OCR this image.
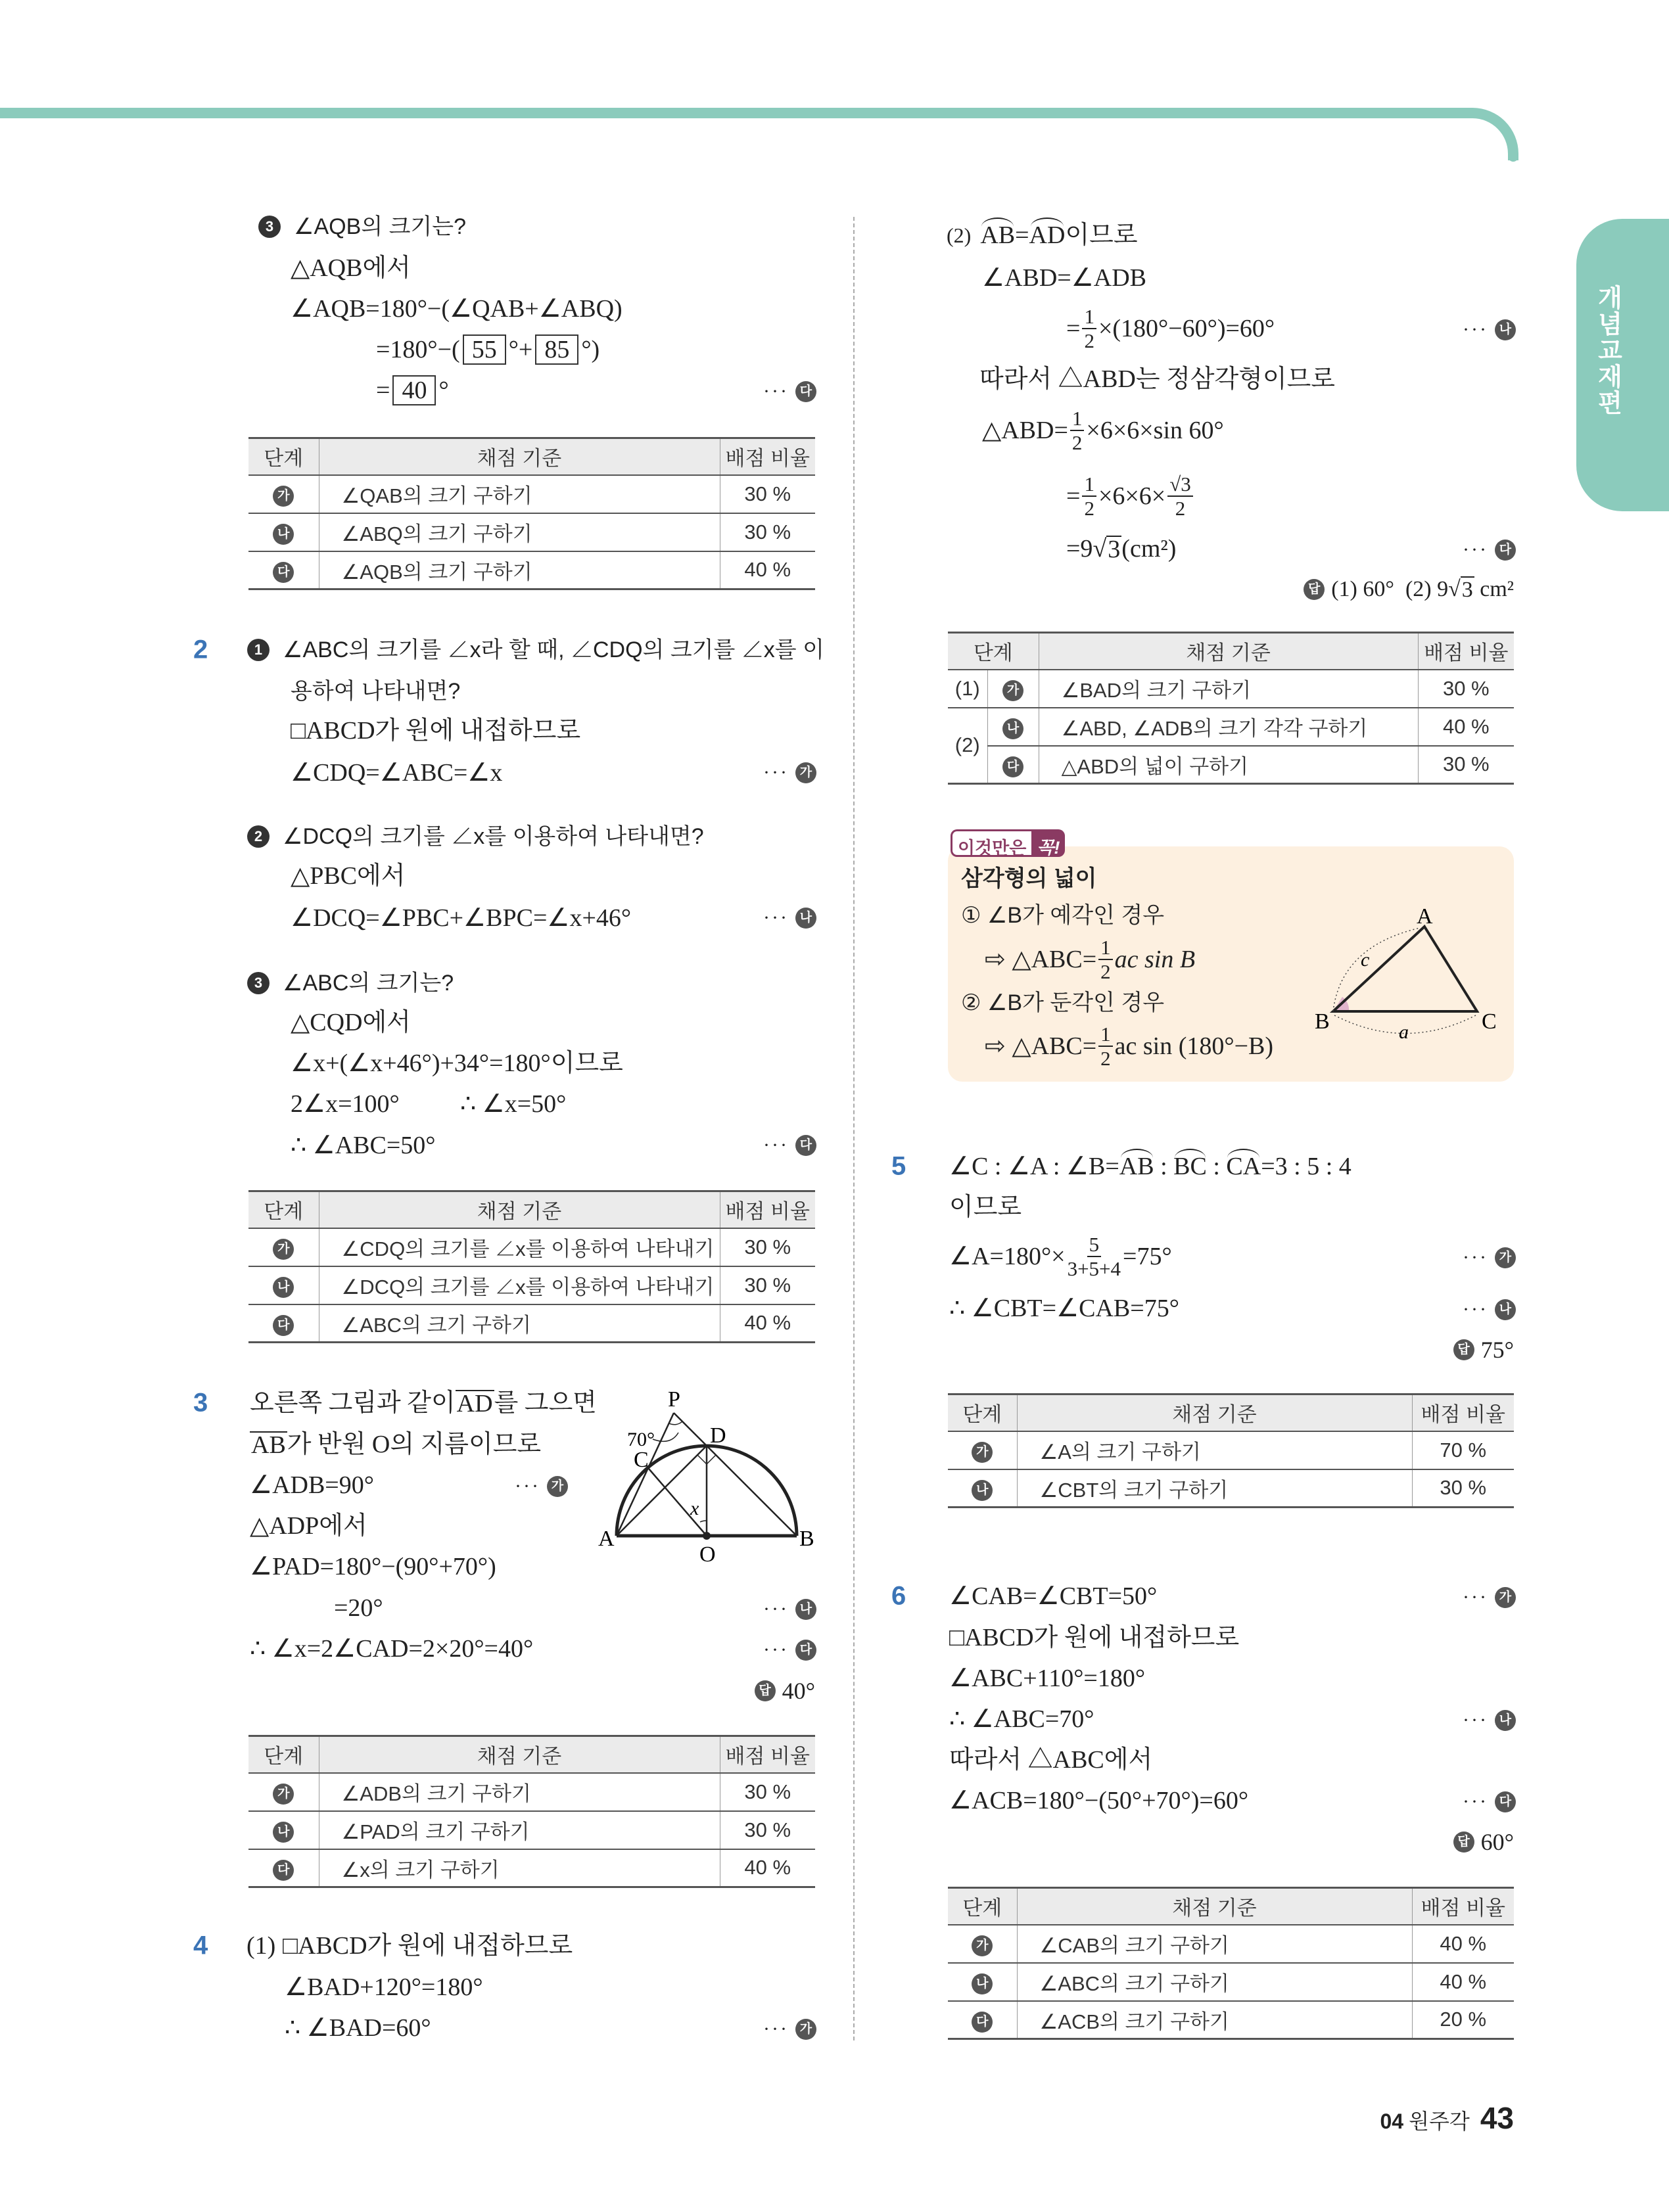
개념교재편
3 ∠AQB의 크기는?
△AQB에서
∠AQB=180°−(∠QAB+∠ABQ)
=180°−( 55 °+ 85 °)
= 40 °	··· 다
단계	채점 기준	배점 비율
가	∠QAB의 크기 구하기	30 %
나	∠ABQ의 크기 구하기	30 %
다	∠AQB의 크기 구하기	40 %
2	1 ∠ABC의 크기를 ∠x라 할 때, ∠CDQ의 크기를 ∠x를 이
용하여 나타내면?
□ABCD가 원에 내접하므로
∠CDQ=∠ABC=∠x	··· 가
2 ∠DCQ의 크기를 ∠x를 이용하여 나타내면?
△PBC에서
∠DCQ=∠PBC+∠BPC=∠x+46°	··· 나
3 ∠ABC의 크기는?
△CQD에서
∠x+(∠x+46°)+34°=180°이므로
2∠x=100° ∴ ∠x=50°
∴ ∠ABC=50°	··· 다
단계	채점 기준	배점 비율
가	∠CDQ의 크기를 ∠x를 이용하여 나타내기	30 %
나	∠DCQ의 크기를 ∠x를 이용하여 나타내기	30 %
다	∠ABC의 크기 구하기	40 %
3 오른쪽 그림과 같이 AD 를 그으면
AB 가 반원 O의 지름이므로
∠ADB=90°	··· 가
△ADP에서
∠PAD=180°−(90°+70°)
=20°	··· 나
∴ ∠x=2∠CAD=2×20°=40°	··· 다
답 40°
P
D
C
70°
A	B
O
x
단계	채점 기준	배점 비율
가	∠ADB의 크기 구하기	30 %
나	∠PAD의 크기 구하기	30 %
다	∠x의 크기 구하기	40 %
4 (1) □ABCD가 원에 내접하므로
∠BAD+120°=180°
∴ ∠BAD=60°	··· 가
(2) AB = AD 이므로
∠ABD=∠ADB
= $\frac{1}{2} \times(180^\circ-60^\circ)=60^\circ$	··· 나
따라서 △ABD는 정삼각형이므로
△ABD= $\frac{1}{2} \times 6\times 6\times\sin$ 60°
= $\frac{1}{2} \times 6\times 6\times \frac{√3}{2}$
=9 √ 3 (cm²)	··· 다
답 (1) 60°  (2) 9 √ 3 cm²
단계		채점 기준	배점 비율
(1)	가	∠BAD의 크기 구하기	30 %
(2)	나	∠ABD, ∠ADB의 크기 각각 구하기	40 %
	다	△ABD의 넓이 구하기	30 %
이것만은 꼭!
삼각형의 넓이
① ∠B가 예각인 경우
⇨ △ABC= $\frac{1}{2}$ ac sin B
② ∠B가 둔각인 경우
⇨ △ABC= $\frac{1}{2}$ ac sin (180°−B)
A
B	C
c
a
5 ∠C : ∠A : ∠B= AB : BC : CA =3 : 5 : 4
이므로
∠A=180°× $\frac{5}{3+5+4} =75^\circ$	··· 가
∴ ∠CBT=∠CAB=75°	··· 나
답 75°
단계	채점 기준	배점 비율
가	∠A의 크기 구하기	70 %
나	∠CBT의 크기 구하기	30 %
6 ∠CAB=∠CBT=50°	··· 가
□ABCD가 원에 내접하므로
∠ABC+110°=180°
∴ ∠ABC=70°	··· 나
따라서 △ABC에서
∠ACB=180°−(50°+70°)=60°	··· 다
답 60°
단계	채점 기준	배점 비율
가	∠CAB의 크기 구하기	40 %
나	∠ABC의 크기 구하기	40 %
다	∠ACB의 크기 구하기	20 %
04 원주각 43
